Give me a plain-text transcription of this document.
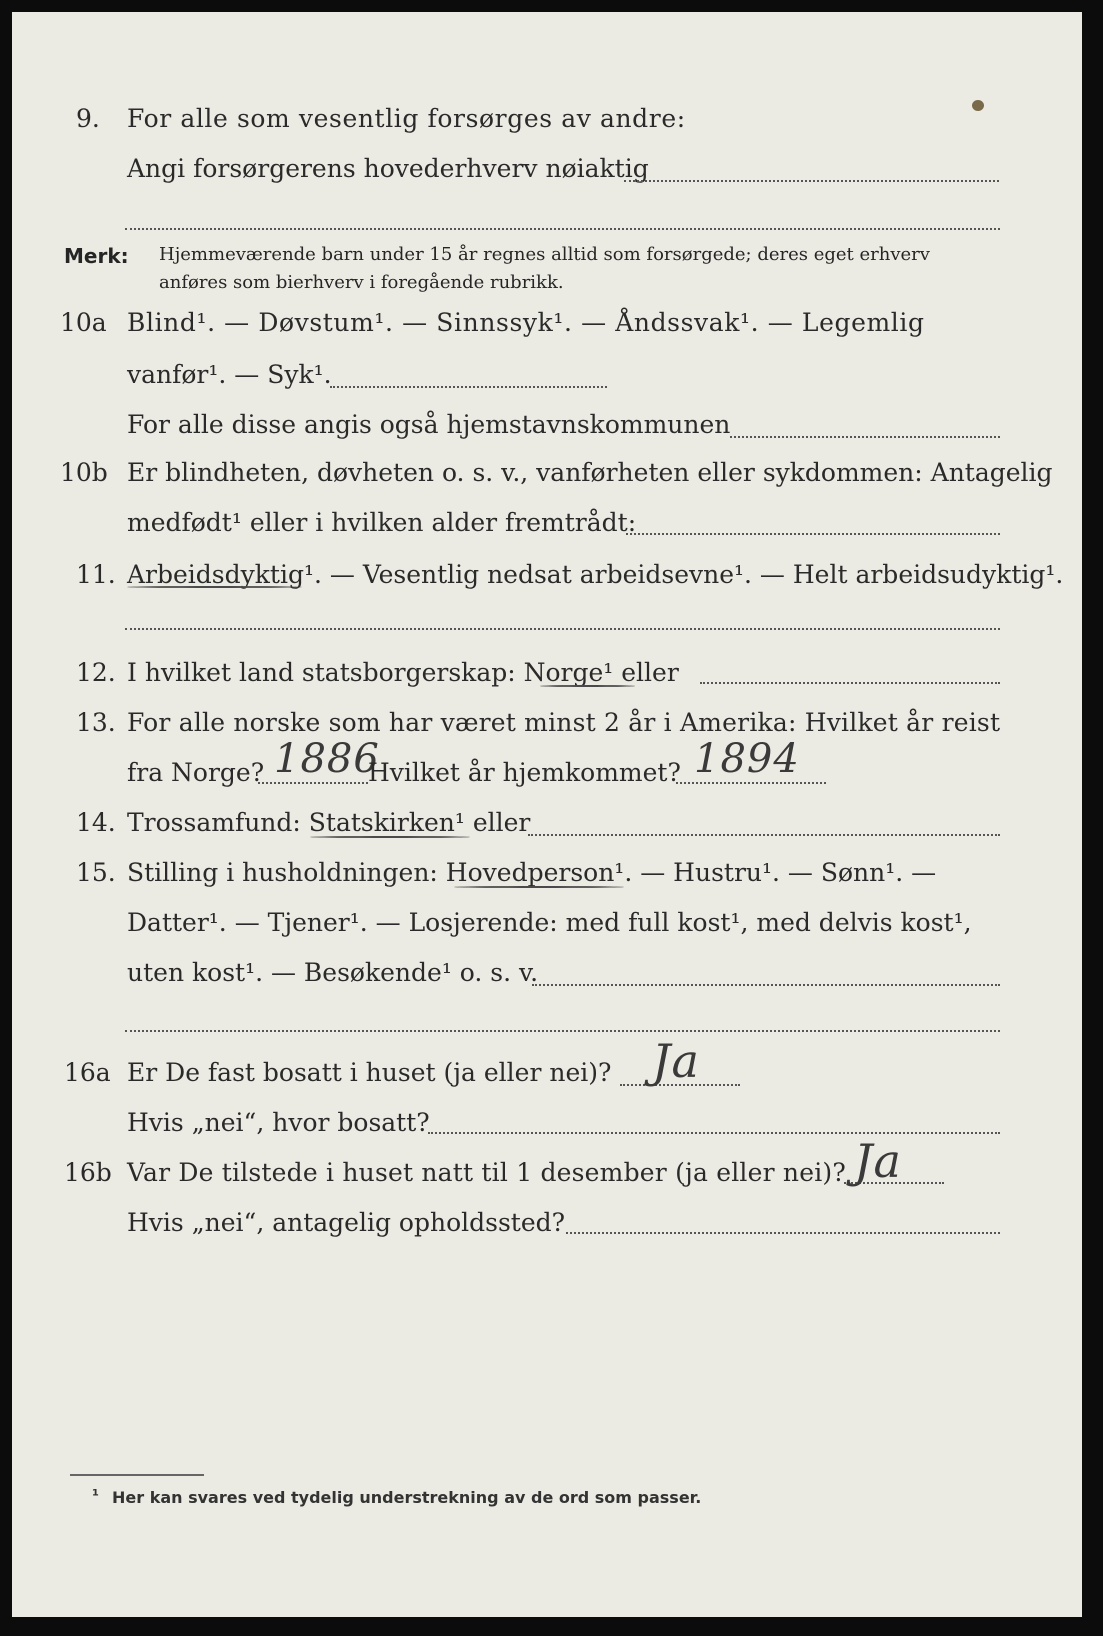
9. For alle som vesentlig forsørges av andre:
Angi forsørgerens hovederhverv nøiaktig
Merk: Hjemmeværende barn under 15 år regnes alltid som forsørgede; deres eget erhverv
anføres som bierhverv i foregående rubrikk.
10a Blind¹. — Døvstum¹. — Sinnssyk¹. — Åndssvak¹. — Legemlig
vanfør¹. — Syk¹.
For alle disse angis også hjemstavnskommunen
10b Er blindheten, døvheten o. s. v., vanførheten eller sykdommen: Antagelig
medfødt¹ eller i hvilken alder fremtrådt:
11. Arbeidsdyktig¹. — Vesentlig nedsat arbeidsevne¹. — Helt arbeidsudyktig¹.
12. I hvilket land statsborgerskap: Norge¹ eller
13. For alle norske som har været minst 2 år i Amerika: Hvilket år reist
fra Norge? 1886
Hvilket år hjemkommet? 1894
14. Trossamfund: Statskirken¹ eller
15. Stilling i husholdningen: Hovedperson¹. — Hustru¹. — Sønn¹. —
Datter¹. — Tjener¹. — Losjerende: med full kost¹, med delvis kost¹,
uten kost¹. — Besøkende¹ o. s. v.
16a Er De fast bosatt i huset (ja eller nei)? Ja
Hvis „nei“, hvor bosatt?
16b Var De tilstede i huset natt til 1 desember (ja eller nei)? Ja
Hvis „nei“, antagelig opholdssted?
¹ Her kan svares ved tydelig understrekning av de ord som passer.
